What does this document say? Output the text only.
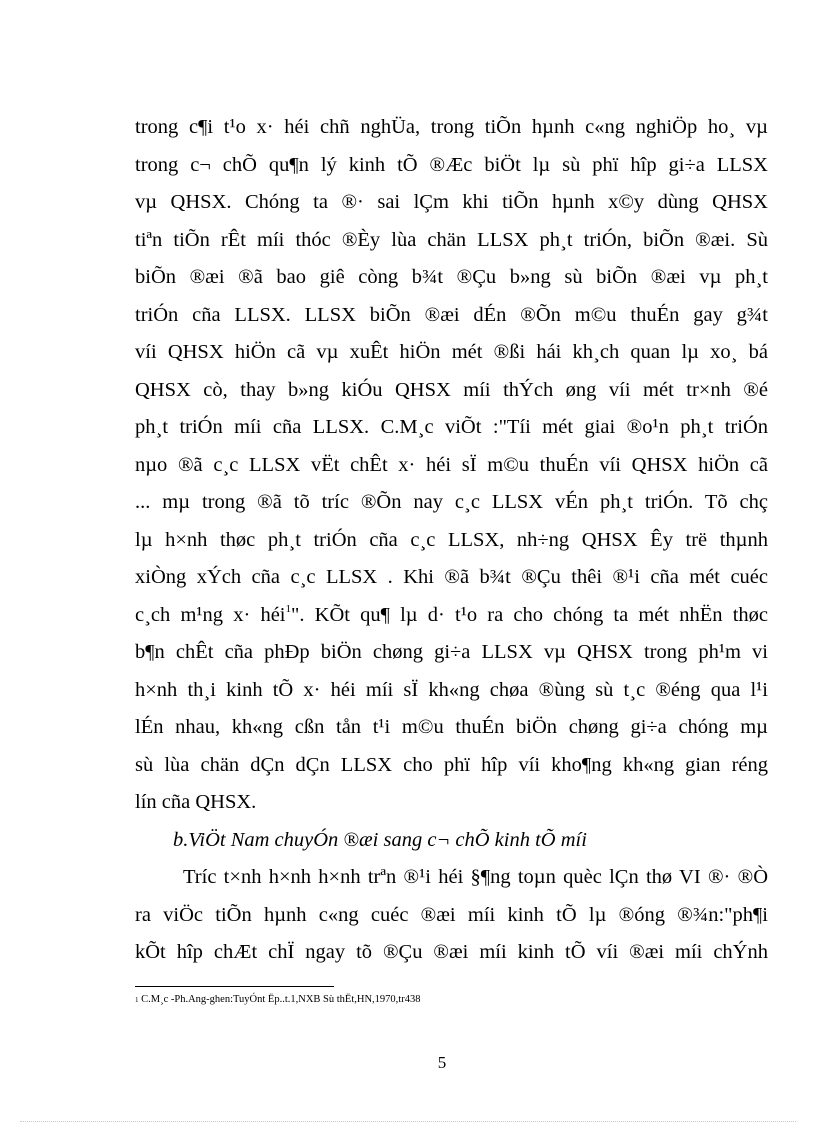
trong c¶i t¹o x· héi chñ nghÜa, trong tiÕn hµnh c«ng nghiÖp ho¸ vµ
trong c¬ chÕ qu¶n lý kinh tÕ ®Æc biÖt lµ sù phï hîp gi÷a LLSX
vµ QHSX. Chóng ta ®· sai lÇm khi tiÕn hµnh x©y dùng QHSX
tiªn tiÕn rÊt míi thóc ®Èy lùa chän LLSX ph¸t triÓn, biÕn ®æi. Sù
biÕn ®æi ®ã bao giê còng b¾t ®Çu b»ng sù biÕn ®æi vµ ph¸t
triÓn cña LLSX. LLSX biÕn ®æi dÉn ®Õn m©u thuÉn gay g¾t
víi QHSX hiÖn cã vµ xuÊt hiÖn mét ®ßi hái kh¸ch quan lµ xo¸ bá
QHSX cò, thay b»ng kiÓu QHSX míi thÝch øng víi mét tr×nh ®é
ph¸t triÓn míi cña LLSX. C.M¸c viÕt :"Tíi mét giai ®o¹n ph¸t triÓn
nµo ®ã c¸c LLSX vËt chÊt x· héi sÏ m©u thuÉn víi QHSX hiÖn cã
... mµ trong ®ã tõ tríc ®Õn nay c¸c LLSX vÉn ph¸t triÓn. Tõ chç
lµ h×nh thøc ph¸t triÓn cña c¸c LLSX, nh÷ng QHSX Êy trë thµnh
xiÒng xÝch cña c¸c LLSX . Khi ®ã b¾t ®Çu thêi ®¹i cña mét cuéc
c¸ch m¹ng x· héi$^1$". KÕt qu¶ lµ d· t¹o ra cho chóng ta mét nhËn thøc
b¶n chÊt cña phÐp biÖn chøng gi÷a LLSX vµ QHSX trong ph¹m vi
h×nh th¸i kinh tÕ x· héi míi sÏ kh«ng chøa ®ùng sù t¸c ®éng qua l¹i
lÉn nhau, kh«ng cßn tån t¹i m©u thuÉn biÖn chøng gi÷a chóng mµ
sù lùa chän dÇn dÇn LLSX cho phï hîp víi kho¶ng kh«ng gian réng
lín cña QHSX.
b.ViÖt Nam chuyÓn ®æi sang c¬ chÕ kinh tÕ míi
Tríc t×nh h×nh h×nh trªn ®¹i héi §¶ng toµn quèc lÇn thø VI ®· ®Ò
ra viÖc tiÕn hµnh c«ng cuéc ®æi míi kinh tÕ lµ ®óng ®¾n:"ph¶i
kÕt hîp chÆt chÏ ngay tõ ®Çu ®æi míi kinh tÕ víi ®æi míi chÝnh
$^1$ C.M¸c -Ph.Ang-ghen:TuyÓnt Ëp..t.1,NXB Sù thËt,HN,1970,tr438
5
